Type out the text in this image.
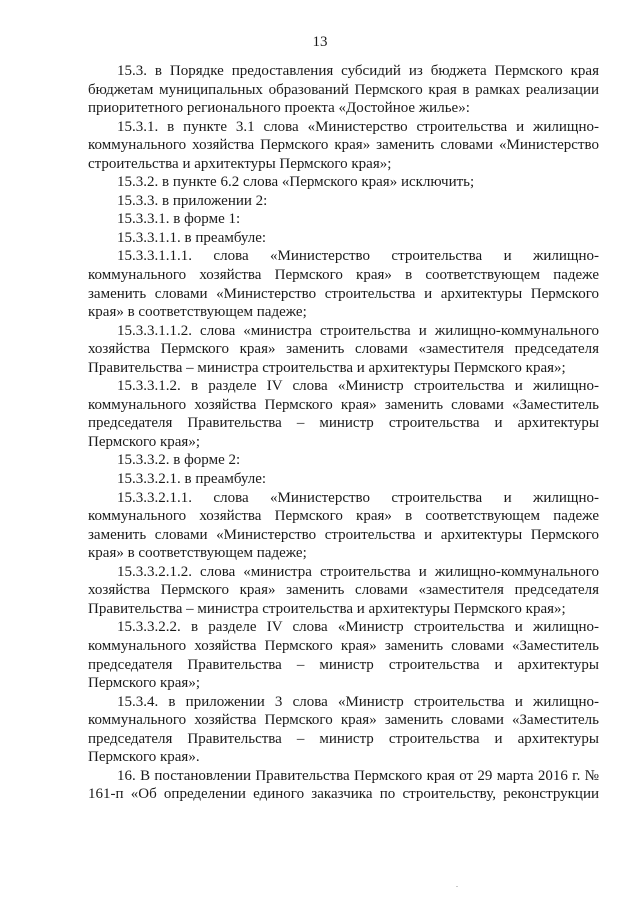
13

15.3. в Порядке предоставления субсидий из бюджета Пермского края бюджетам муниципальных образований Пермского края в рамках реализации приоритетного регионального проекта «Достойное жилье»:

15.3.1. в пункте 3.1 слова «Министерство строительства и жилищно-коммунального хозяйства Пермского края» заменить словами «Министерство строительства и архитектуры Пермского края»;

15.3.2. в пункте 6.2 слова «Пермского края» исключить;

15.3.3. в приложении 2:

15.3.3.1. в форме 1:

15.3.3.1.1. в преамбуле:

15.3.3.1.1.1. слова «Министерство строительства и жилищно-коммунального хозяйства Пермского края» в соответствующем падеже заменить словами «Министерство строительства и архитектуры Пермского края» в соответствующем падеже;

15.3.3.1.1.2. слова «министра строительства и жилищно-коммунального хозяйства Пермского края» заменить словами «заместителя председателя Правительства – министра строительства и архитектуры Пермского края»;

15.3.3.1.2. в разделе IV слова «Министр строительства и жилищно-коммунального хозяйства Пермского края» заменить словами «Заместитель председателя Правительства – министр строительства и архитектуры Пермского края»;

15.3.3.2. в форме 2:

15.3.3.2.1. в преамбуле:

15.3.3.2.1.1. слова «Министерство строительства и жилищно-коммунального хозяйства Пермского края» в соответствующем падеже заменить словами «Министерство строительства и архитектуры Пермского края» в соответствующем падеже;

15.3.3.2.1.2. слова «министра строительства и жилищно-коммунального хозяйства Пермского края» заменить словами «заместителя председателя Правительства – министра строительства и архитектуры Пермского края»;

15.3.3.2.2. в разделе IV слова «Министр строительства и жилищно-коммунального хозяйства Пермского края» заменить словами «Заместитель председателя Правительства – министр строительства и архитектуры Пермского края»;

15.3.4. в приложении 3 слова «Министр строительства и жилищно-коммунального хозяйства Пермского края» заменить словами «Заместитель председателя Правительства – министр строительства и архитектуры Пермского края».

16. В постановлении Правительства Пермского края от 29 марта 2016 г. № 161-п «Об определении единого заказчика по строительству, реконструкции
